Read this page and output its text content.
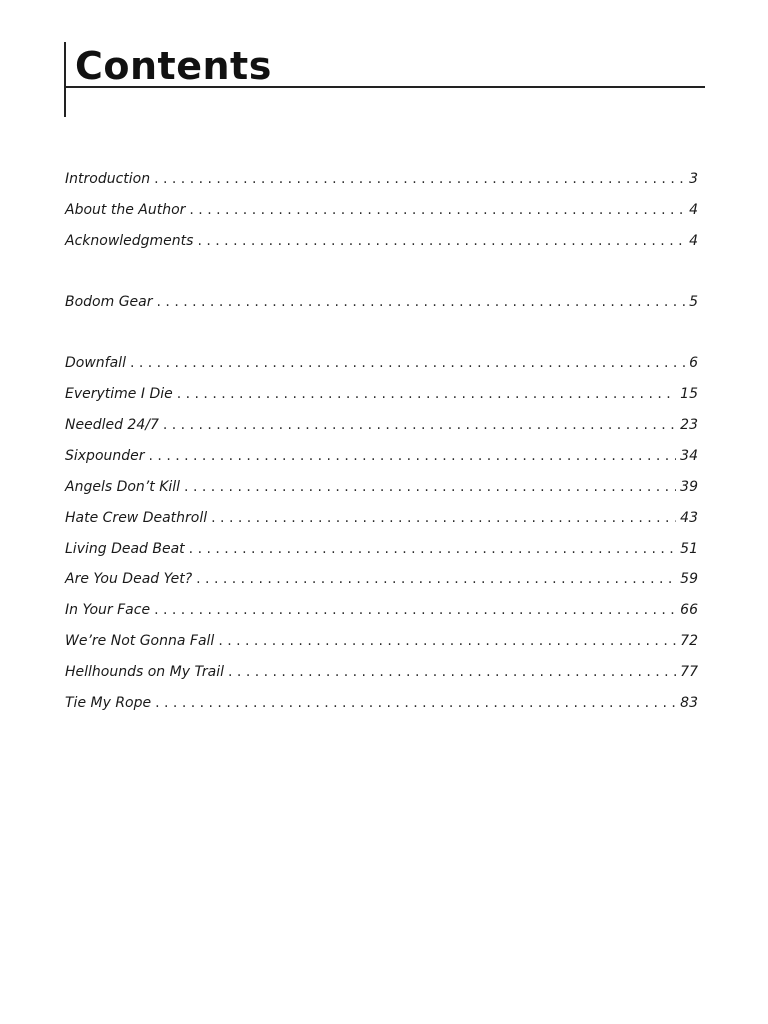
Contents
Introduction . . .	3
About the Author . . .	4
Acknowledgments . . .	4
Bodom Gear . . .	5
Downfall . . .	6
Everytime I Die . . .	15
Needled 24/7 . . .	23
Sixpounder . . .	34
Angels Don’t Kill . . .	39
Hate Crew Deathroll . . .	43
Living Dead Beat . . .	51
Are You Dead Yet? . . .	59
In Your Face . . .	66
We’re Not Gonna Fall . . .	72
Hellhounds on My Trail . . .	77
Tie My Rope . . .	83
